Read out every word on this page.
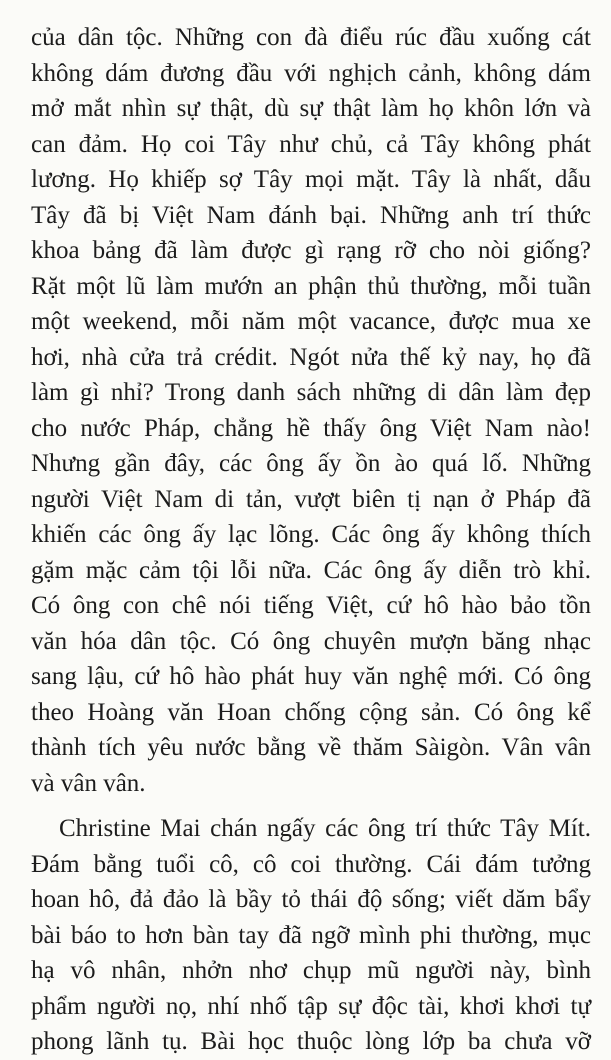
của dân tộc. Những con đà điểu rúc đầu xuống cát
không dám đương đầu với nghịch cảnh, không dám
mở mắt nhìn sự thật, dù sự thật làm họ khôn lớn và
can đảm. Họ coi Tây như chủ, cả Tây không phát
lương. Họ khiếp sợ Tây mọi mặt. Tây là nhất, dẫu
Tây đã bị Việt Nam đánh bại. Những anh trí thức
khoa bảng đã làm được gì rạng rỡ cho nòi giống?
Rặt một lũ làm mướn an phận thủ thường, mỗi tuần
một weekend, mỗi năm một vacance, được mua xe
hơi, nhà cửa trả crédit. Ngót nửa thế kỷ nay, họ đã
làm gì nhỉ? Trong danh sách những di dân làm đẹp
cho nước Pháp, chẳng hề thấy ông Việt Nam nào!
Nhưng gần đây, các ông ấy ồn ào quá lố. Những
người Việt Nam di tản, vượt biên tị nạn ở Pháp đã
khiến các ông ấy lạc lõng. Các ông ấy không thích
gặm mặc cảm tội lỗi nữa. Các ông ấy diễn trò khỉ.
Có ông con chê nói tiếng Việt, cứ hô hào bảo tồn
văn hóa dân tộc. Có ông chuyên mượn băng nhạc
sang lậu, cứ hô hào phát huy văn nghệ mới. Có ông
theo Hoàng văn Hoan chống cộng sản. Có ông kể
thành tích yêu nước bằng về thăm Sàigòn. Vân vân
và vân vân.
Christine Mai chán ngấy các ông trí thức Tây Mít.
Đám bằng tuổi cô, cô coi thường. Cái đám tưởng
hoan hô, đả đảo là bầy tỏ thái độ sống; viết dăm bẩy
bài báo to hơn bàn tay đã ngỡ mình phi thường, mục
hạ vô nhân, nhởn nhơ chụp mũ người này, bình
phẩm người nọ, nhí nhố tập sự độc tài, khơi khơi tự
phong lãnh tụ. Bài học thuộc lòng lớp ba chưa vỡ
